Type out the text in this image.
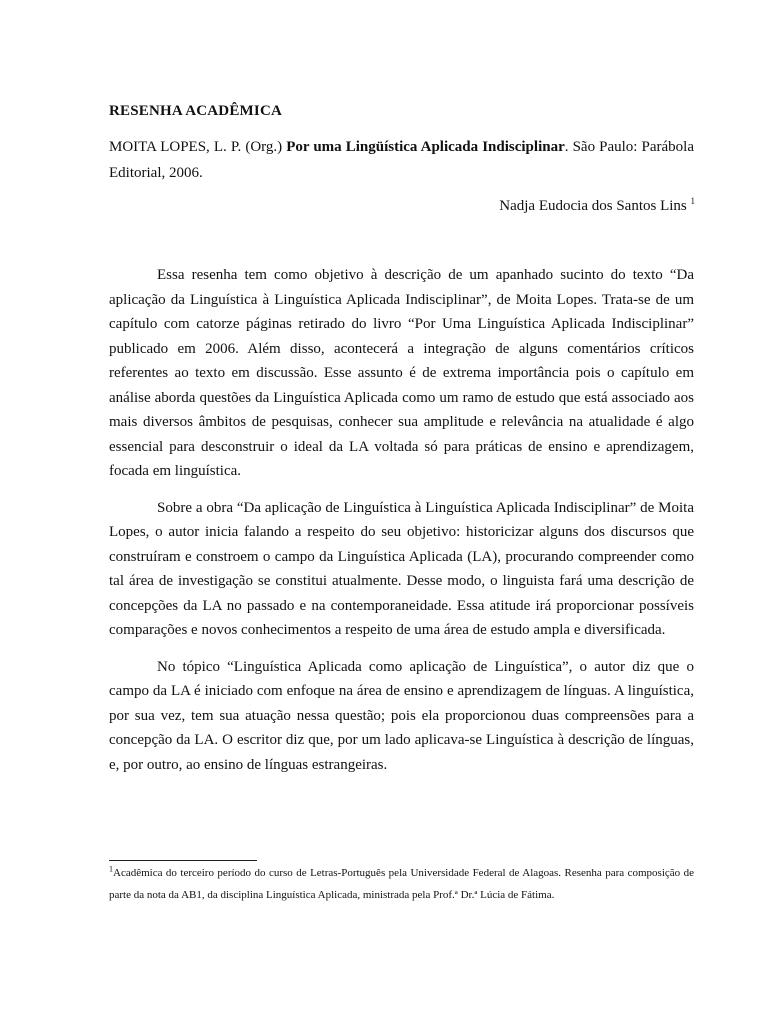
RESENHA ACADÊMICA
MOITA LOPES, L. P. (Org.) Por uma Lingüística Aplicada Indisciplinar. São Paulo: Parábola Editorial, 2006.
Nadja Eudocia dos Santos Lins $^1$

Essa resenha tem como objetivo à descrição de um apanhado sucinto do texto “Da aplicação da Linguística à Linguística Aplicada Indisciplinar”, de Moita Lopes. Trata-se de um capítulo com catorze páginas retirado do livro “Por Uma Linguística Aplicada Indisciplinar” publicado em 2006. Além disso, acontecerá a integração de alguns comentários críticos referentes ao texto em discussão. Esse assunto é de extrema importância pois o capítulo em análise aborda questões da Linguística Aplicada como um ramo de estudo que está associado aos mais diversos âmbitos de pesquisas, conhecer sua amplitude e relevância na atualidade é algo essencial para desconstruir o ideal da LA voltada só para práticas de ensino e aprendizagem, focada em linguística.

Sobre a obra “Da aplicação de Linguística à Linguística Aplicada Indisciplinar” de Moita Lopes, o autor inicia falando a respeito do seu objetivo: historicizar alguns dos discursos que construíram e constroem o campo da Linguística Aplicada (LA), procurando compreender como tal área de investigação se constitui atualmente. Desse modo, o linguista fará uma descrição de concepções da LA no passado e na contemporaneidade. Essa atitude irá proporcionar possíveis comparações e novos conhecimentos a respeito de uma área de estudo ampla e diversificada.

No tópico “Linguística Aplicada como aplicação de Linguística”, o autor diz que o campo da LA é iniciado com enfoque na área de ensino e aprendizagem de línguas. A linguística, por sua vez, tem sua atuação nessa questão; pois ela proporcionou duas compreensões para a concepção da LA. O escritor diz que, por um lado aplicava-se Linguística à descrição de línguas, e, por outro, ao ensino de línguas estrangeiras.

$^1$Acadêmica do terceiro período do curso de Letras-Português pela Universidade Federal de Alagoas. Resenha para composição de parte da nota da AB1, da disciplina Linguística Aplicada, ministrada pela Prof.ª Dr.ª Lúcia de Fátima.
